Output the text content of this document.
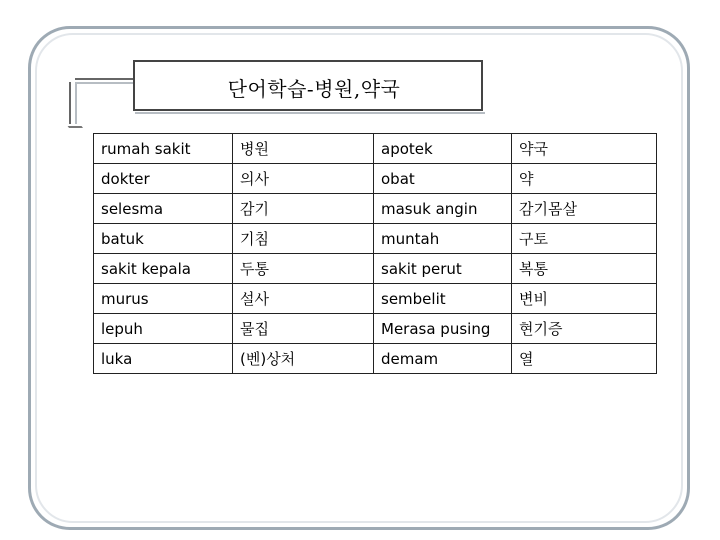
단어학습-병원,약국
rumah sakit	병원	apotek	약국
dokter	의사	obat	약
selesma	감기	masuk angin	감기몸살
batuk	기침	muntah	구토
sakit kepala	두통	sakit perut	복통
murus	설사	sembelit	변비
lepuh	물집	Merasa pusing	현기증
luka	(벤)상처	demam	열
